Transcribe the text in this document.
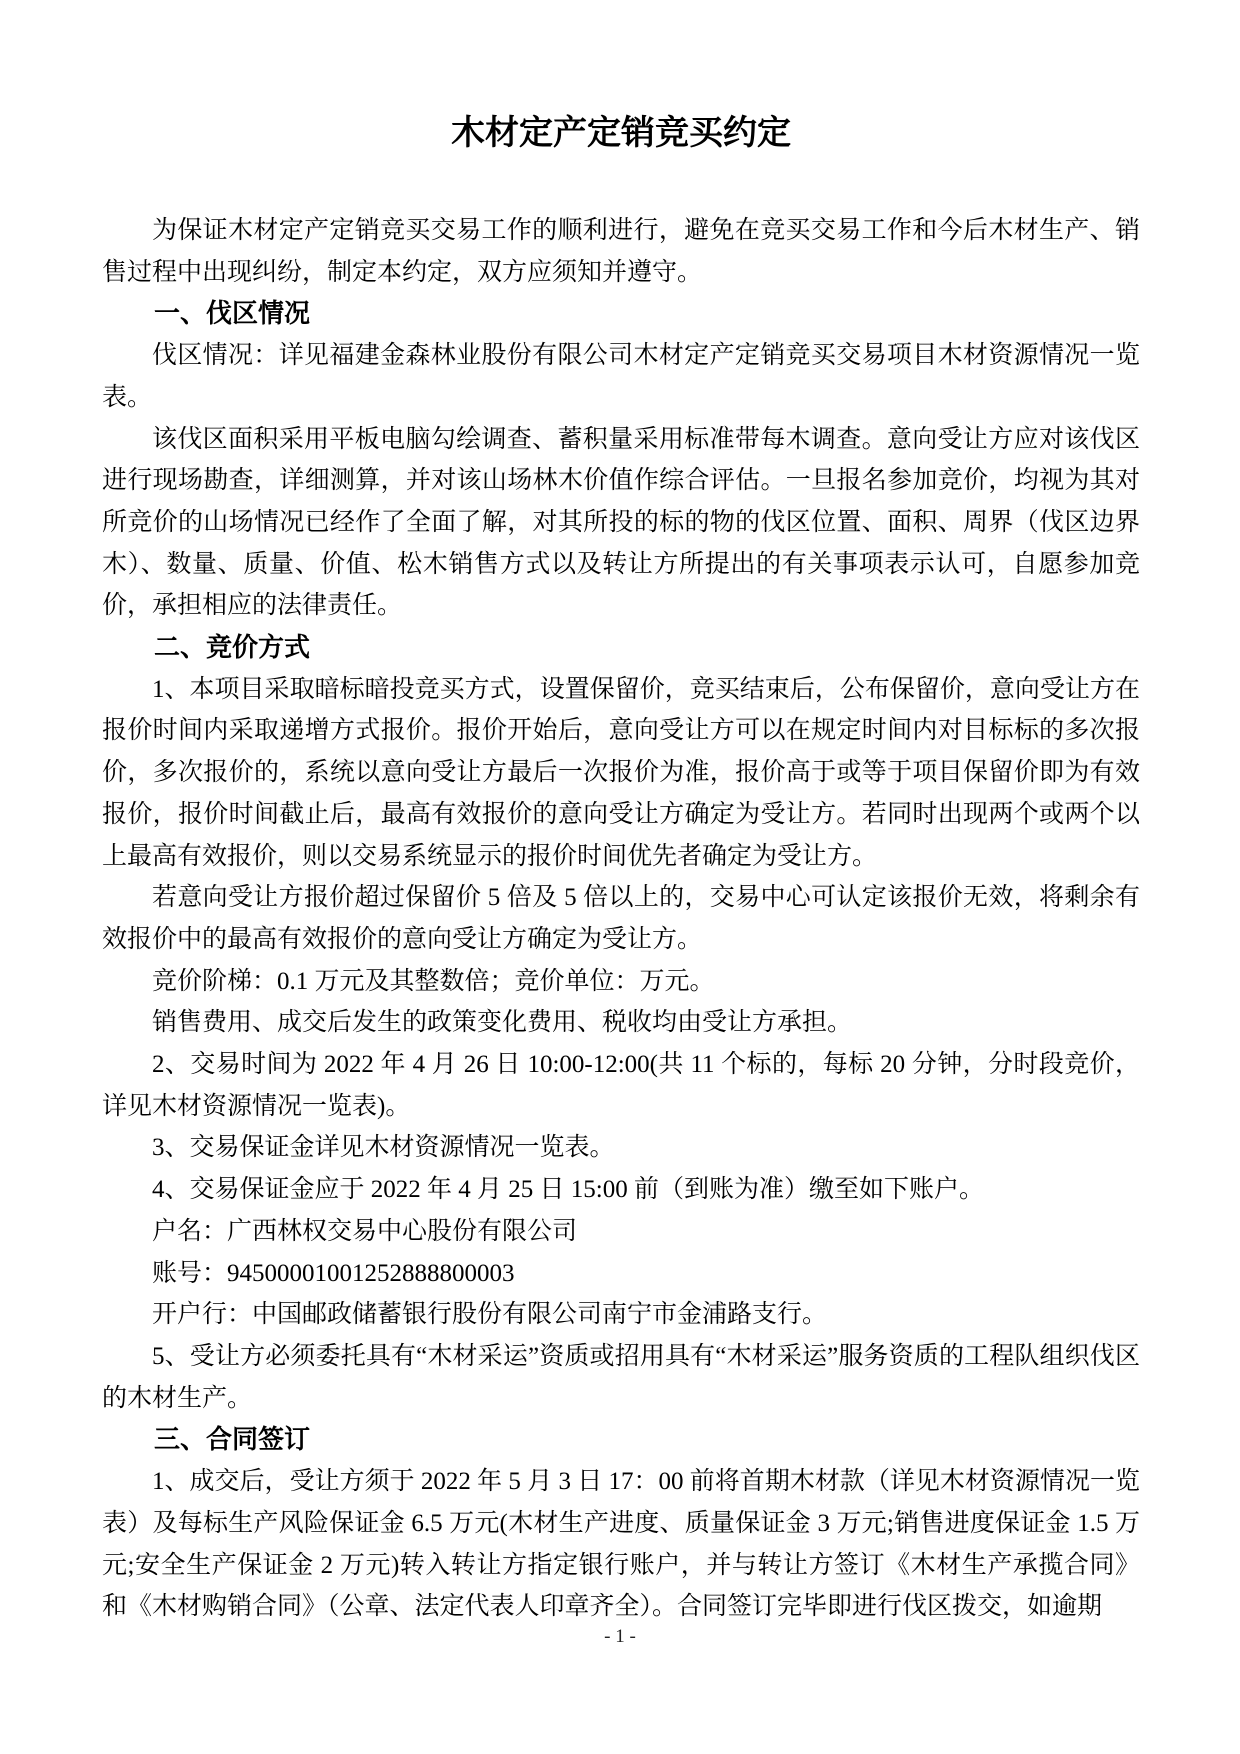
木材定产定销竞买约定

为保证木材定产定销竞买交易工作的顺利进行，避免在竞买交易工作和今后木材生产、销售过程中出现纠纷，制定本约定，双方应须知并遵守。

一、伐区情况

伐区情况：详见福建金森林业股份有限公司木材定产定销竞买交易项目木材资源情况一览表。

该伐区面积采用平板电脑勾绘调查、蓄积量采用标准带每木调查。意向受让方应对该伐区进行现场勘查，详细测算，并对该山场林木价值作综合评估。一旦报名参加竞价，均视为其对所竞价的山场情况已经作了全面了解，对其所投的标的物的伐区位置、面积、周界（伐区边界木）、数量、质量、价值、松木销售方式以及转让方所提出的有关事项表示认可，自愿参加竞价，承担相应的法律责任。

二、竞价方式

1、本项目采取暗标暗投竞买方式，设置保留价，竞买结束后，公布保留价，意向受让方在报价时间内采取递增方式报价。报价开始后，意向受让方可以在规定时间内对目标标的多次报价，多次报价的，系统以意向受让方最后一次报价为准，报价高于或等于项目保留价即为有效报价，报价时间截止后，最高有效报价的意向受让方确定为受让方。若同时出现两个或两个以上最高有效报价，则以交易系统显示的报价时间优先者确定为受让方。

若意向受让方报价超过保留价 5 倍及 5 倍以上的，交易中心可认定该报价无效，将剩余有效报价中的最高有效报价的意向受让方确定为受让方。

竞价阶梯：0.1 万元及其整数倍；竞价单位：万元。

销售费用、成交后发生的政策变化费用、税收均由受让方承担。

2、交易时间为 2022 年 4 月 26 日 10:00-12:00(共 11 个标的，每标 20 分钟，分时段竞价，详见木材资源情况一览表)。

3、交易保证金详见木材资源情况一览表。

4、交易保证金应于 2022 年 4 月 25 日 15:00 前（到账为准）缴至如下账户。

户名：广西林权交易中心股份有限公司

账号：94500001001252888800003

开户行：中国邮政储蓄银行股份有限公司南宁市金浦路支行。

5、受让方必须委托具有“木材采运”资质或招用具有“木材采运”服务资质的工程队组织伐区的木材生产。

三、合同签订

1、成交后，受让方须于 2022 年 5 月 3 日 17：00 前将首期木材款（详见木材资源情况一览表）及每标生产风险保证金 6.5 万元(木材生产进度、质量保证金 3 万元;销售进度保证金 1.5 万元;安全生产保证金 2 万元)转入转让方指定银行账户，并与转让方签订《木材生产承揽合同》和《木材购销合同》（公章、法定代表人印章齐全）。合同签订完毕即进行伐区拨交，如逾期

- 1 -
